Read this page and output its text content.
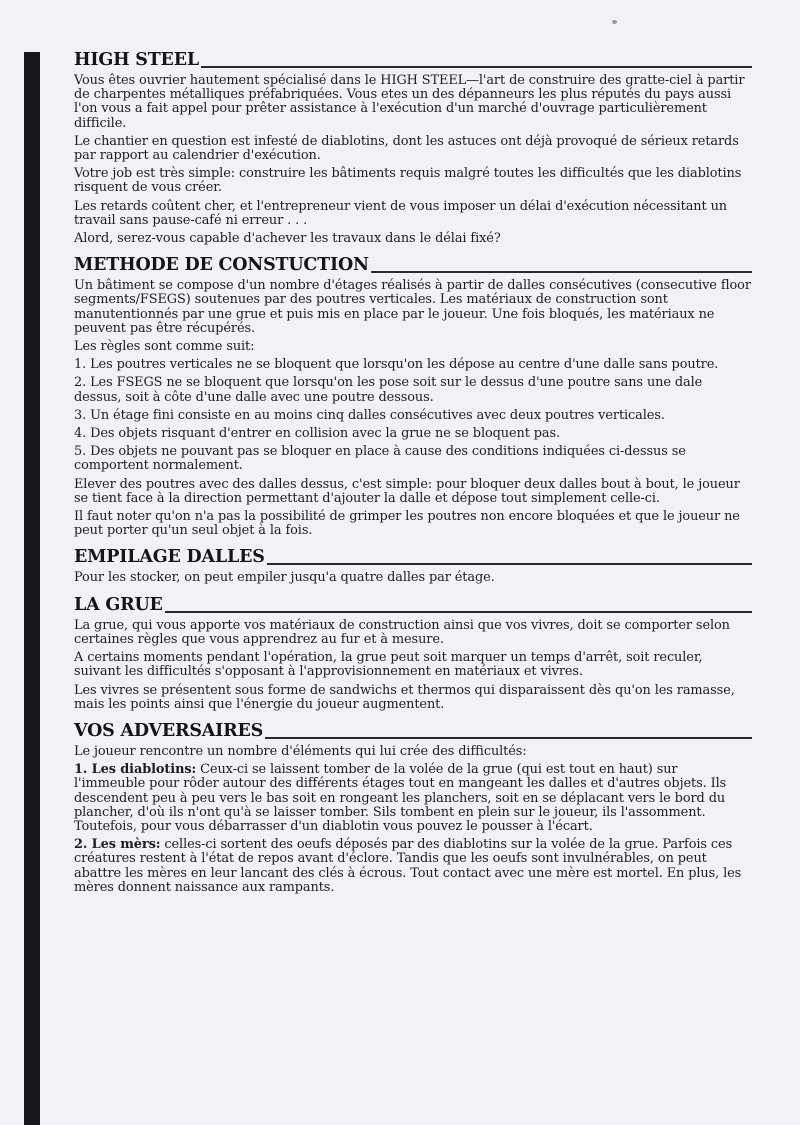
HIGH STEEL

Vous êtes ouvrier hautement spécialisé dans le HIGH STEEL—l'art de construire des gratte-ciel à partir de charpentes métalliques préfabriquées. Vous etes un des dépanneurs les plus réputés du pays aussi l'on vous a fait appel pour prêter assistance à l'exécution d'un marché d'ouvrage particulièrement difficile.

Le chantier en question est infesté de diablotins, dont les astuces ont déjà provoqué de sérieux retards par rapport au calendrier d'exécution.

Votre job est très simple: construire les bâtiments requis malgré toutes les difficultés que les diablotins risquent de vous créer.

Les retards coûtent cher, et l'entrepreneur vient de vous imposer un délai d'exécution nécessitant un travail sans pause-café ni erreur . . .

Alord, serez-vous capable d'achever les travaux dans le délai fixé?

METHODE DE CONSTUCTION

Un bâtiment se compose d'un nombre d'étages réalisés à partir de dalles consécutives (consecutive floor segments/FSEGS) soutenues par des poutres verticales. Les matériaux de construction sont manutentionnés par une grue et puis mis en place par le joueur. Une fois bloqués, les matériaux ne peuvent pas être récupérés.

Les règles sont comme suit:

1. Les poutres verticales ne se bloquent que lorsqu'on les dépose au centre d'une dalle sans poutre.

2. Les FSEGS ne se bloquent que lorsqu'on les pose soit sur le dessus d'une poutre sans une dale dessus, soit à côte d'une dalle avec une poutre dessous.

3. Un étage fini consiste en au moins cinq dalles consécutives avec deux poutres verticales.

4. Des objets risquant d'entrer en collision avec la grue ne se bloquent pas.

5. Des objets ne pouvant pas se bloquer en place à cause des conditions indiquées ci-dessus se comportent normalement.

Elever des poutres avec des dalles dessus, c'est simple: pour bloquer deux dalles bout à bout, le joueur se tient face à la direction permettant d'ajouter la dalle et dépose tout simplement celle-ci.

Il faut noter qu'on n'a pas la possibilité de grimper les poutres non encore bloquées et que le joueur ne peut porter qu'un seul objet à la fois.

EMPILAGE DALLES

Pour les stocker, on peut empiler jusqu'a quatre dalles par étage.

LA GRUE

La grue, qui vous apporte vos matériaux de construction ainsi que vos vivres, doit se comporter selon certaines règles que vous apprendrez au fur et à mesure.

A certains moments pendant l'opération, la grue peut soit marquer un temps d'arrêt, soit reculer, suivant les difficultés s'opposant à l'approvisionnement en matériaux et vivres.

Les vivres se présentent sous forme de sandwichs et thermos qui disparaissent dès qu'on les ramasse, mais les points ainsi que l'énergie du joueur augmentent.

VOS ADVERSAIRES

Le joueur rencontre un nombre d'éléments qui lui crée des difficultés:

1. Les diablotins: Ceux-ci se laissent tomber de la volée de la grue (qui est tout en haut) sur l'immeuble pour rôder autour des différents étages tout en mangeant les dalles et d'autres objets. Ils descendent peu à peu vers le bas soit en rongeant les planchers, soit en se déplacant vers le bord du plancher, d'où ils n'ont qu'à se laisser tomber. Sils tombent en plein sur le joueur, ils l'assomment. Toutefois, pour vous débarrasser d'un diablotin vous pouvez le pousser à l'écart.

2. Les mèrs: celles-ci sortent des oeufs déposés par des diablotins sur la volée de la grue. Parfois ces créatures restent à l'état de repos avant d'éclore. Tandis que les oeufs sont invulnérables, on peut abattre les mères en leur lancant des clés à écrous. Tout contact avec une mère est mortel. En plus, les mères donnent naissance aux rampants.
